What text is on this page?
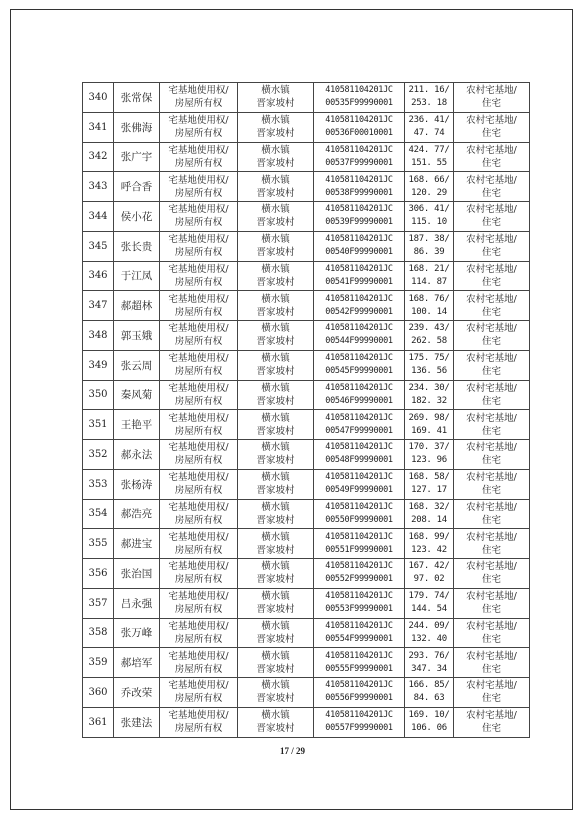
340	张常保	宅基地使用权/
房屋所有权	横水镇
晋家坡村	410581104201JC
00535F99990001	211. 16/
253. 18	农村宅基地/
住宅

341	张佛海	宅基地使用权/
房屋所有权	横水镇
晋家坡村	410581104201JC
00536F00010001	236. 41/
47. 74	农村宅基地/
住宅

342	张广宇	宅基地使用权/
房屋所有权	横水镇
晋家坡村	410581104201JC
00537F99990001	424. 77/
151. 55	农村宅基地/
住宅

343	呼合香	宅基地使用权/
房屋所有权	横水镇
晋家坡村	410581104201JC
00538F99990001	168. 66/
120. 29	农村宅基地/
住宅

344	侯小花	宅基地使用权/
房屋所有权	横水镇
晋家坡村	410581104201JC
00539F99990001	306. 41/
115. 10	农村宅基地/
住宅

345	张长贵	宅基地使用权/
房屋所有权	横水镇
晋家坡村	410581104201JC
00540F99990001	187. 38/
86. 39	农村宅基地/
住宅

346	于江凤	宅基地使用权/
房屋所有权	横水镇
晋家坡村	410581104201JC
00541F99990001	168. 21/
114. 87	农村宅基地/
住宅

347	郝超林	宅基地使用权/
房屋所有权	横水镇
晋家坡村	410581104201JC
00542F99990001	168. 76/
100. 14	农村宅基地/
住宅

348	郭玉娥	宅基地使用权/
房屋所有权	横水镇
晋家坡村	410581104201JC
00544F99990001	239. 43/
262. 58	农村宅基地/
住宅

349	张云周	宅基地使用权/
房屋所有权	横水镇
晋家坡村	410581104201JC
00545F99990001	175. 75/
136. 56	农村宅基地/
住宅

350	秦风菊	宅基地使用权/
房屋所有权	横水镇
晋家坡村	410581104201JC
00546F99990001	234. 30/
182. 32	农村宅基地/
住宅

351	王艳平	宅基地使用权/
房屋所有权	横水镇
晋家坡村	410581104201JC
00547F99990001	269. 98/
169. 41	农村宅基地/
住宅

352	郝永法	宅基地使用权/
房屋所有权	横水镇
晋家坡村	410581104201JC
00548F99990001	170. 37/
123. 96	农村宅基地/
住宅

353	张杨涛	宅基地使用权/
房屋所有权	横水镇
晋家坡村	410581104201JC
00549F99990001	168. 58/
127. 17	农村宅基地/
住宅

354	郝浩亮	宅基地使用权/
房屋所有权	横水镇
晋家坡村	410581104201JC
00550F99990001	168. 32/
208. 14	农村宅基地/
住宅

355	郝进宝	宅基地使用权/
房屋所有权	横水镇
晋家坡村	410581104201JC
00551F99990001	168. 99/
123. 42	农村宅基地/
住宅

356	张治国	宅基地使用权/
房屋所有权	横水镇
晋家坡村	410581104201JC
00552F99990001	167. 42/
97. 02	农村宅基地/
住宅

357	吕永强	宅基地使用权/
房屋所有权	横水镇
晋家坡村	410581104201JC
00553F99990001	179. 74/
144. 54	农村宅基地/
住宅

358	张万峰	宅基地使用权/
房屋所有权	横水镇
晋家坡村	410581104201JC
00554F99990001	244. 09/
132. 40	农村宅基地/
住宅

359	郝培军	宅基地使用权/
房屋所有权	横水镇
晋家坡村	410581104201JC
00555F99990001	293. 76/
347. 34	农村宅基地/
住宅

360	乔改荣	宅基地使用权/
房屋所有权	横水镇
晋家坡村	410581104201JC
00556F99990001	166. 85/
84. 63	农村宅基地/
住宅

361	张建法	宅基地使用权/
房屋所有权	横水镇
晋家坡村	410581104201JC
00557F99990001	169. 10/
106. 06	农村宅基地/
住宅
17 / 29
